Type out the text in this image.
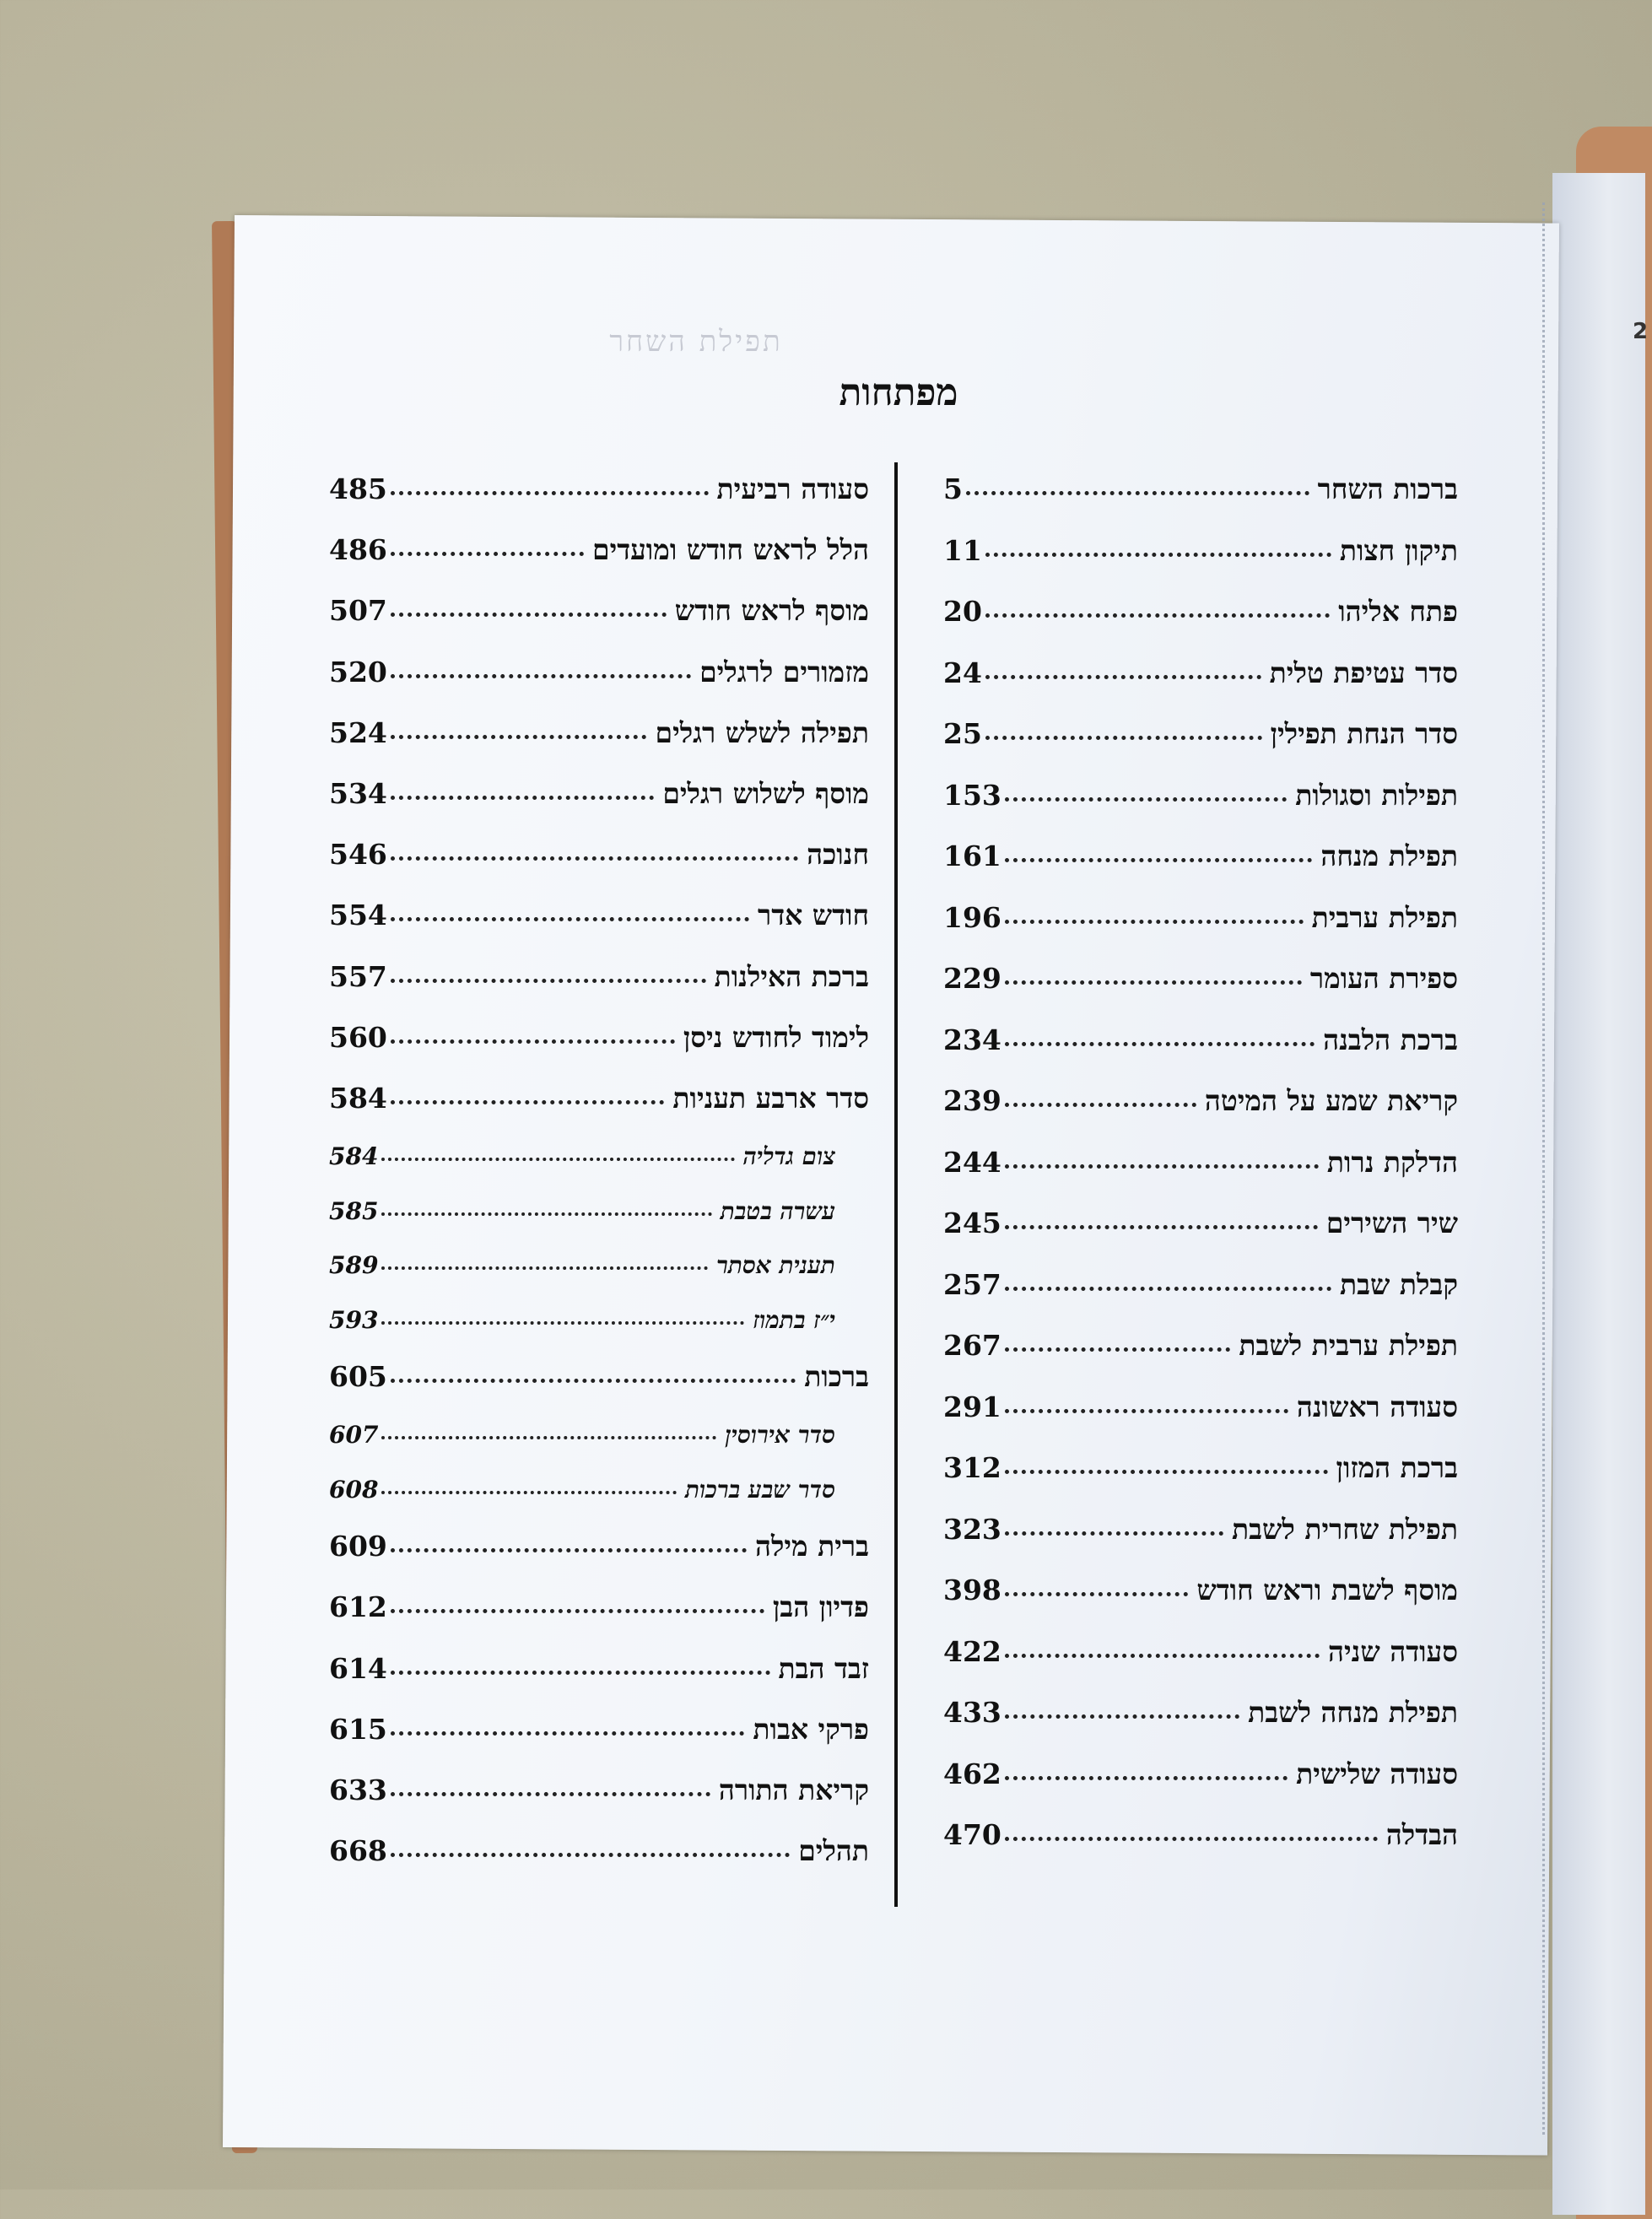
2
תפילת השחר
מפתחות
ברכות השחר
5
תיקון חצות
11
פתח אליהו
20
סדר עטיפת טלית
24
סדר הנחת תפילין
25
תפילות וסגולות
153
תפילת מנחה
161
תפילת ערבית
196
ספירת העומר
229
ברכת הלבנה
234
קריאת שמע על המיטה
239
הדלקת נרות
244
שיר השירים
245
קבלת שבת
257
תפילת ערבית לשבת
267
סעודה ראשונה
291
ברכת המזון
312
תפילת שחרית לשבת
323
מוסף לשבת וראש חודש
398
סעודה שניה
422
תפילת מנחה לשבת
433
סעודה שלישית
462
הבדלה
470
סעודה רביעית
485
הלל לראש חודש ומועדים
486
מוסף לראש חודש
507
מזמורים לרגלים
520
תפילה לשלש רגלים
524
מוסף לשלוש רגלים
534
חנוכה
546
חודש אדר
554
ברכת האילנות
557
לימוד לחודש ניסן
560
סדר ארבע תעניות
584
צום גדליה
584
עשרה בטבת
585
תענית אסתר
589
י״ז בתמוז
593
ברכות
605
סדר אירוסין
607
סדר שבע ברכות
608
ברית מילה
609
פדיון הבן
612
זבד הבת
614
פרקי אבות
615
קריאת התורה
633
תהלים
668
